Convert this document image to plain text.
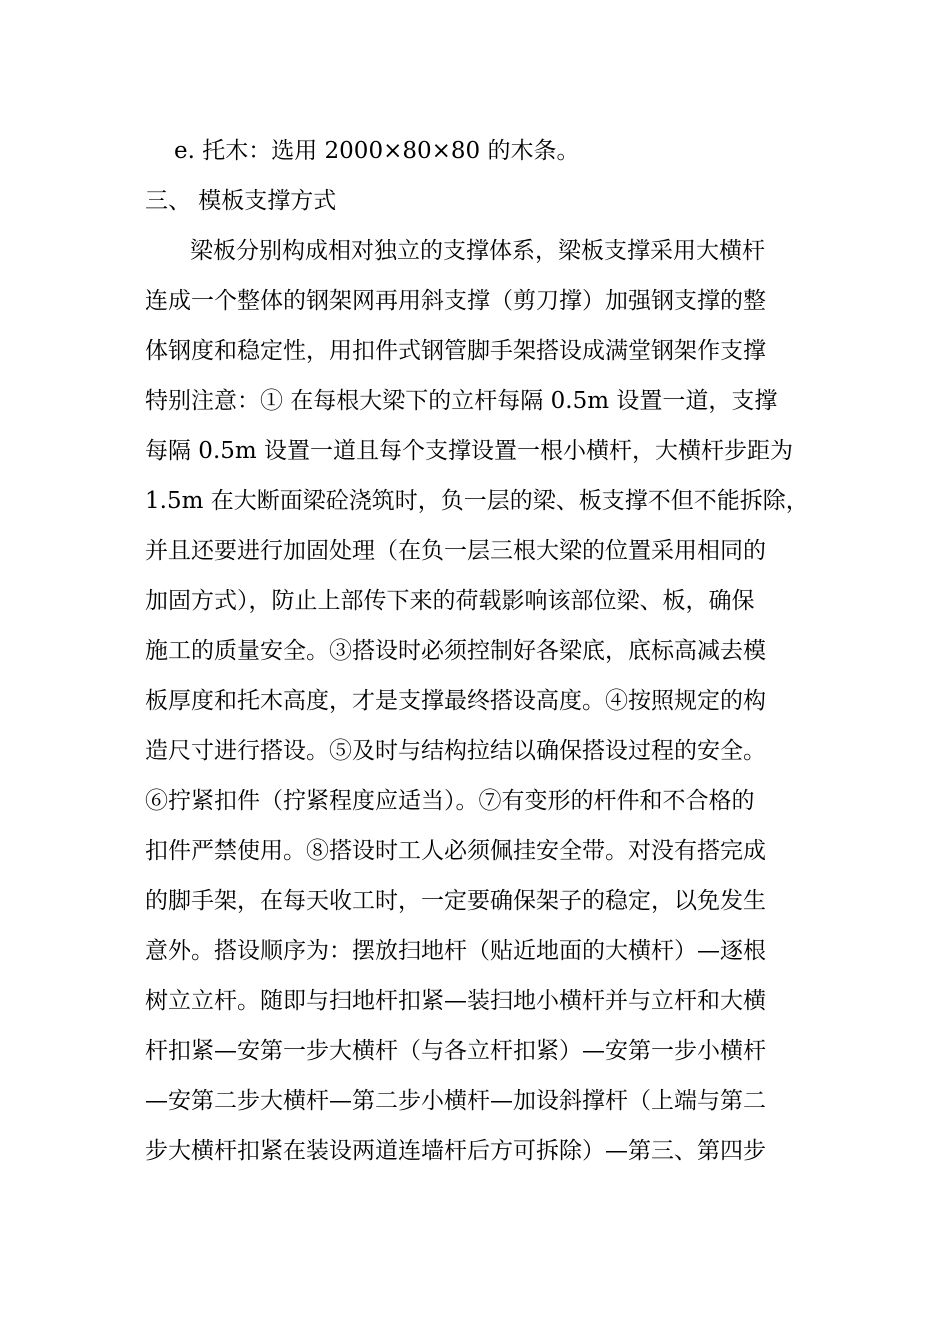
e. 托木：选用 2000×80×80 的木条。
三、 模板支撑方式
梁板分别构成相对独立的支撑体系，梁板支撑采用大横杆
连成一个整体的钢架网再用斜支撑（剪刀撑）加强钢支撑的整
体钢度和稳定性，用扣件式钢管脚手架搭设成满堂钢架作支撑
特别注意：① 在每根大梁下的立杆每隔 0.5m 设置一道，支撑
每隔 0.5m 设置一道且每个支撑设置一根小横杆，大横杆步距为
1.5m 在大断面梁砼浇筑时，负一层的梁、板支撑不但不能拆除，
并且还要进行加固处理（在负一层三根大梁的位置采用相同的
加固方式），防止上部传下来的荷载影响该部位梁、板，确保
施工的质量安全。③搭设时必须控制好各梁底，底标高减去模
板厚度和托木高度，才是支撑最终搭设高度。④按照规定的构
造尺寸进行搭设。⑤及时与结构拉结以确保搭设过程的安全。
⑥拧紧扣件（拧紧程度应适当）。⑦有变形的杆件和不合格的
扣件严禁使用。⑧搭设时工人必须佩挂安全带。对没有搭完成
的脚手架，在每天收工时，一定要确保架子的稳定，以免发生
意外。搭设顺序为：摆放扫地杆（贴近地面的大横杆）—逐根
树立立杆。随即与扫地杆扣紧—装扫地小横杆并与立杆和大横
杆扣紧—安第一步大横杆（与各立杆扣紧）—安第一步小横杆
—安第二步大横杆—第二步小横杆—加设斜撑杆（上端与第二
步大横杆扣紧在装设两道连墙杆后方可拆除）—第三、第四步
